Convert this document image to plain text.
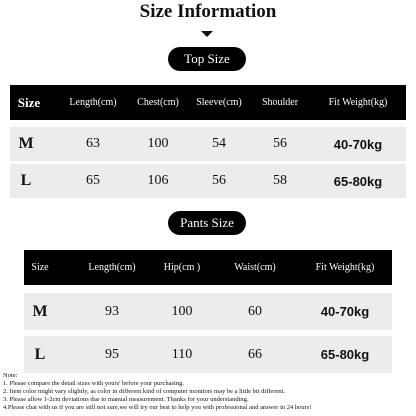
Size Information
Top Size
Size	Length(cm)	Chest(cm)	Sleeve(cm)	Shoulder	Fit Weight(kg)
M	63	100	54	56	40-70kg
L	65	106	56	58	65-80kg
Pants Size
Size	Length(cm)	Hip(cm )	Waist(cm)	Fit Weight(kg)
M	93	100	60	40-70kg
L	95	110	66	65-80kg
Note:
1. Please compare the detail sizes with yours' before your purchasing.
2. Item color might vary slightly, as color in different kind of computer monitors may be a little bit different.
3. Please allow 1-2cm deviations due to manual measurement. Thanks for your understanding.
4.Please chat with us if you are still not sure,we will try our best to help you with professional and answer in 24 hours!
